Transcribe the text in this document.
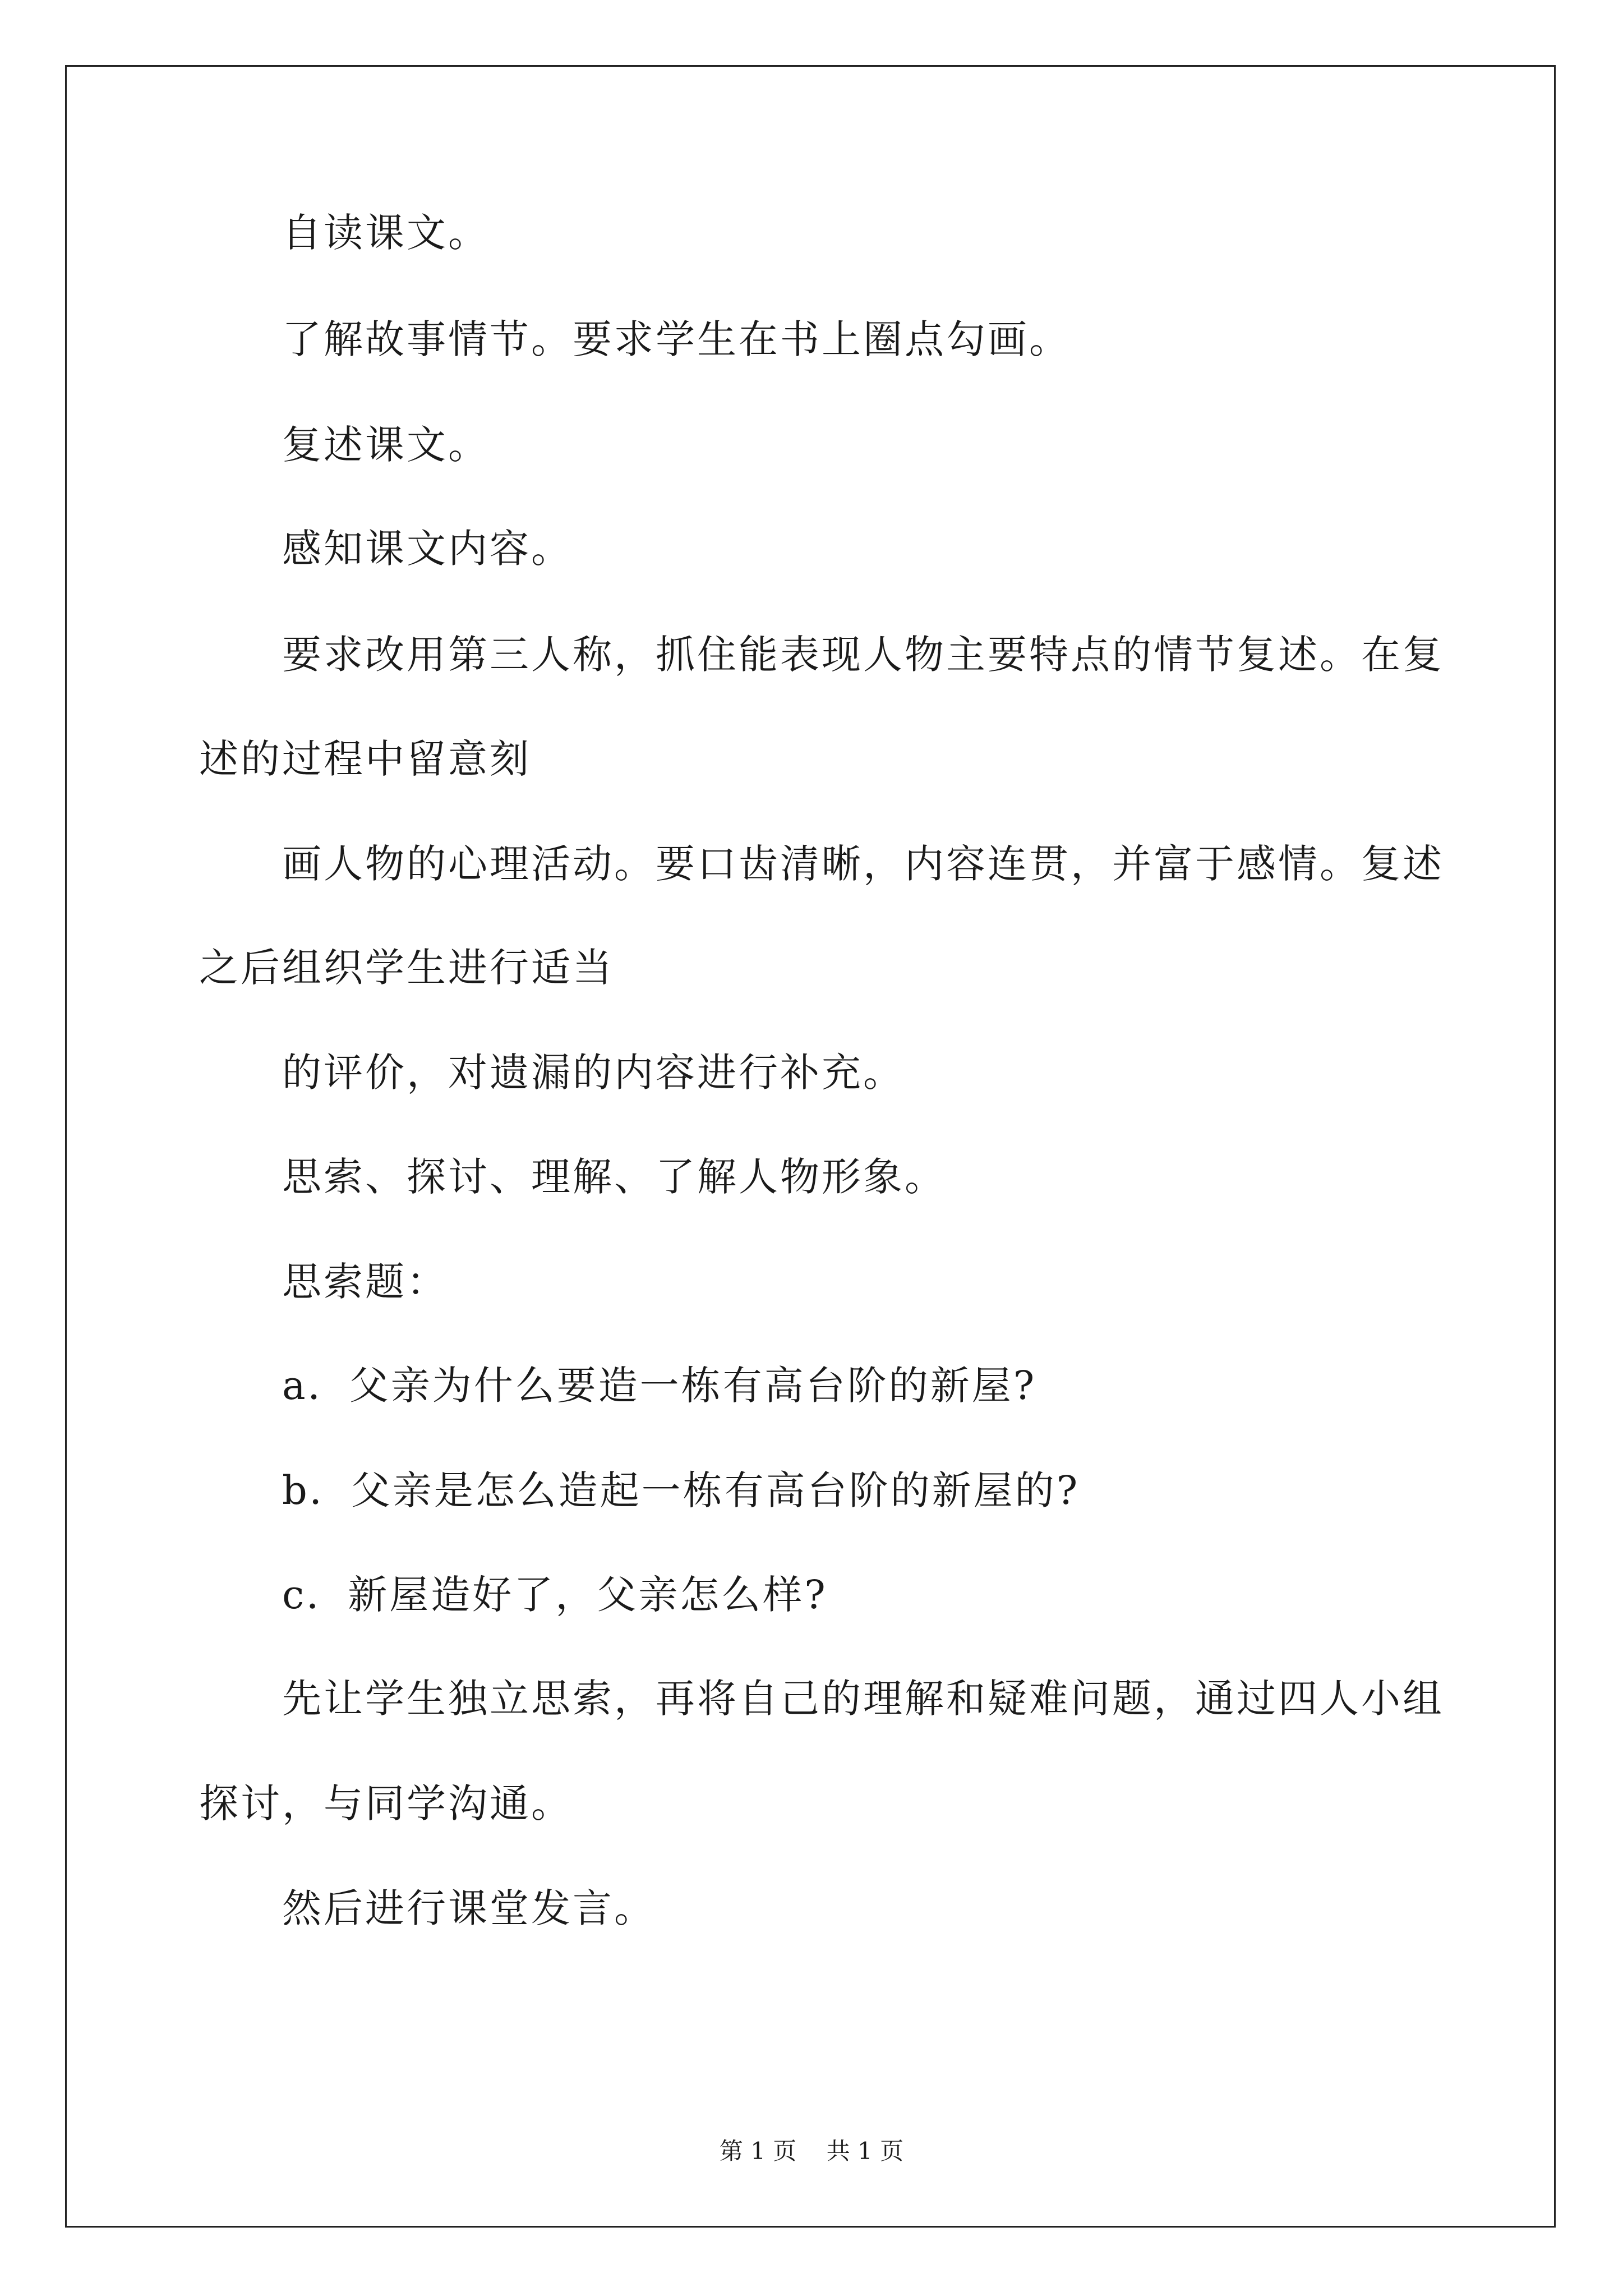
自读课文。
了解故事情节。要求学生在书上圈点勾画。
复述课文。
感知课文内容。
要求改用第三人称，抓住能表现人物主要特点的情节复述。在复
述的过程中留意刻
画人物的心理活动。要口齿清晰，内容连贯，并富于感情。复述
之后组织学生进行适当
的评价，对遗漏的内容进行补充。
思索、探讨、理解、了解人物形象。
思索题：
a．父亲为什么要造一栋有高台阶的新屋?
b．父亲是怎么造起一栋有高台阶的新屋的?
c．新屋造好了，父亲怎么样?
先让学生独立思索，再将自己的理解和疑难问题，通过四人小组
探讨，与同学沟通。
然后进行课堂发言。
第 1 页    共 1 页
